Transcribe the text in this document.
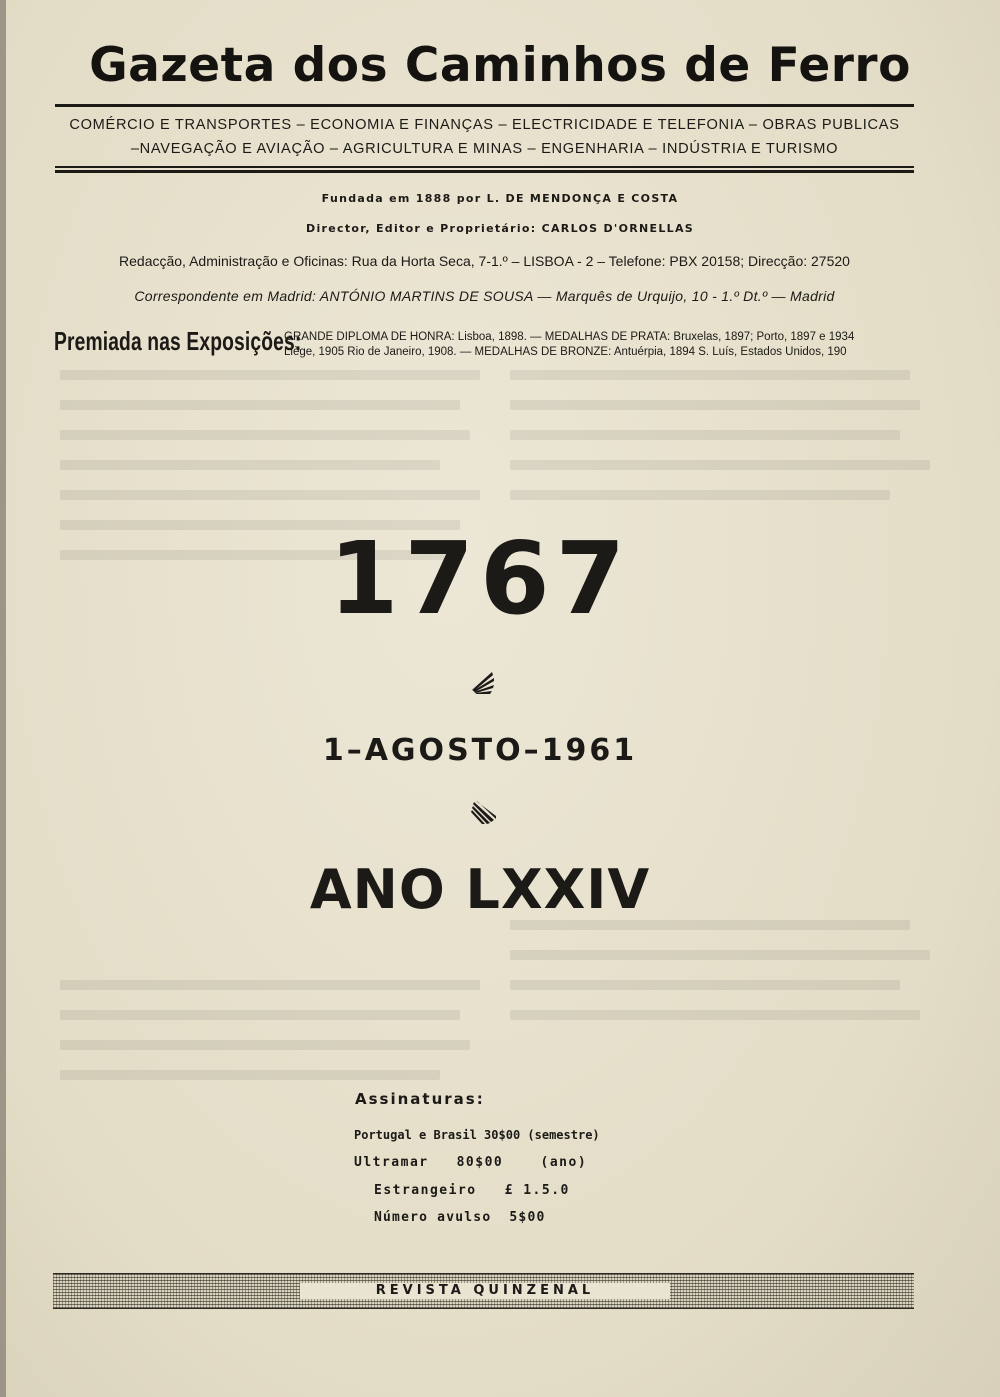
Gazeta dos Caminhos de Ferro
COMÉRCIO E TRANSPORTES – ECONOMIA E FINANÇAS – ELECTRICIDADE E TELEFONIA – OBRAS PUBLICAS
–NAVEGAÇÃO E AVIAÇÃO – AGRICULTURA E MINAS – ENGENHARIA – INDÚSTRIA E TURISMO
Fundada em 1888 por L. DE MENDONÇA E COSTA
Director, Editor e Proprietário: CARLOS D'ORNELLAS
Redacção, Administração e Oficinas: Rua da Horta Seca, 7-1.º – LISBOA - 2 – Telefone: PBX 20158; Direcção: 27520
Correspondente em Madrid: ANTÓNIO MARTINS DE SOUSA — Marquês de Urquijo, 10 - 1.º Dt.º — Madrid
Premiada nas Exposições:
GRANDE DIPLOMA DE HONRA: Lisboa, 1898. — MEDALHAS DE PRATA: Bruxelas, 1897; Porto, 1897 e 1934
Liège, 1905 Rio de Janeiro, 1908. — MEDALHAS DE BRONZE: Antuérpia, 1894 S. Luís, Estados Unidos, 190
1767
1–AGOSTO–1961
ANO LXXIV
Assinaturas:
Portugal e Brasil 30$00 (semestre)
Ultramar   80$00    (ano)
Estrangeiro   £ 1.5.0
Número avulso  5$00
REVISTA QUINZENAL
